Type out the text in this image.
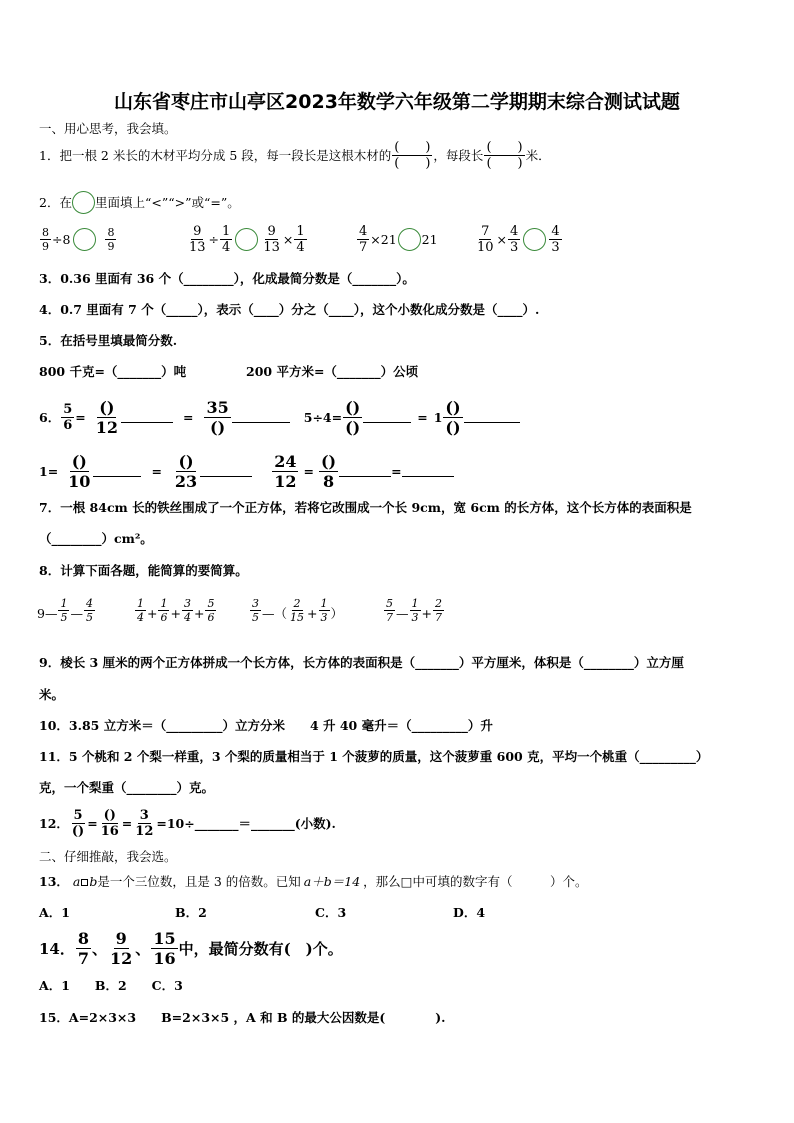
山东省枣庄市山亭区2023年数学六年级第二学期期末综合测试试题
一、用心思考，我会填。
1．把一根 2 米长的木材平均分成 5 段，每一段长是这根木材的 $\frac{( )}{( )}$ ，每段长 $\frac{( )}{( )}$ 米．
2．在 里面填上“<”“>”或“=”。
$\frac{8}{9} \div 8$	$\frac{8}{9}$	$\frac{9}{13} \div \frac{1}{4} \frac{9}{13} \times \frac{1}{4}$	$\frac{4}{7} \times 21$ 21	$\frac{7}{10} \times \frac{4}{3} \frac{4}{3}$
3．0.36 里面有 36 个（________），化成最简分数是（_______）。
4．0.7 里面有 7 个（_____），表示（____）分之（____），这个小数化成分数是（____）.
5．在括号里填最简分数.
800 千克=（_______）吨	200 平方米=（_______）公顷
6． $\frac{5}{6} = \frac{()}{12}$	= $\frac{35}{()}$	$5\div 4= \frac{()}{()}$	= $1 \frac{()}{()}$
$1= \frac{()}{10}$	= $\frac{()}{23}$	$\frac{24}{12} = \frac{()}{8}$	=
7．一根 84cm 长的铁丝围成了一个正方体，若将它改围成一个长 9cm，宽 6cm 的长方体，这个长方体的表面积是
（________）cm²。
8．计算下面各题，能简算的要简算。
9— $\frac{1}{5}$ — $\frac{4}{5}$	$\frac{1}{4} + \frac{1}{6} + \frac{3}{4} + \frac{5}{6}$	$\frac{3}{5}$ — （ $\frac{2}{15} + \frac{1}{3}$ ）	$\frac{5}{7}$ — $\frac{1}{3} + \frac{2}{7}$
9．棱长 3 厘米的两个正方体拼成一个长方体，长方体的表面积是（_______）平方厘米，体积是（________）立方厘
米。
10．3.85 立方米＝（_________）立方分米　　4 升 40 毫升＝（_________）升
11．5 个桃和 2 个梨一样重，3 个梨的质量相当于 1 个菠萝的质量，这个菠萝重 600 克，平均一个桃重（_________）
克，一个梨重（________）克。
12． $\frac{5}{()} = \frac{()}{16} = \frac{3}{12}$ =10÷_______＝_______(小数).
二、仔细推敲，我会选。
13． a b 是一个三位数，且是 3 的倍数。已知 a＋b＝14 ，那么□中可填的数字有（　　　）个。
A．1	B．2	C．3	D．4
14． $\frac{8}{7}$ 、 $\frac{9}{12}$ 、 $\frac{15}{16}$ 中，最简分数有(　)个。
A．1　　B．2　　C．3
15．A=2×3×3　　B=2×3×5 ，A 和 B 的最大公因数是(　　　　).
